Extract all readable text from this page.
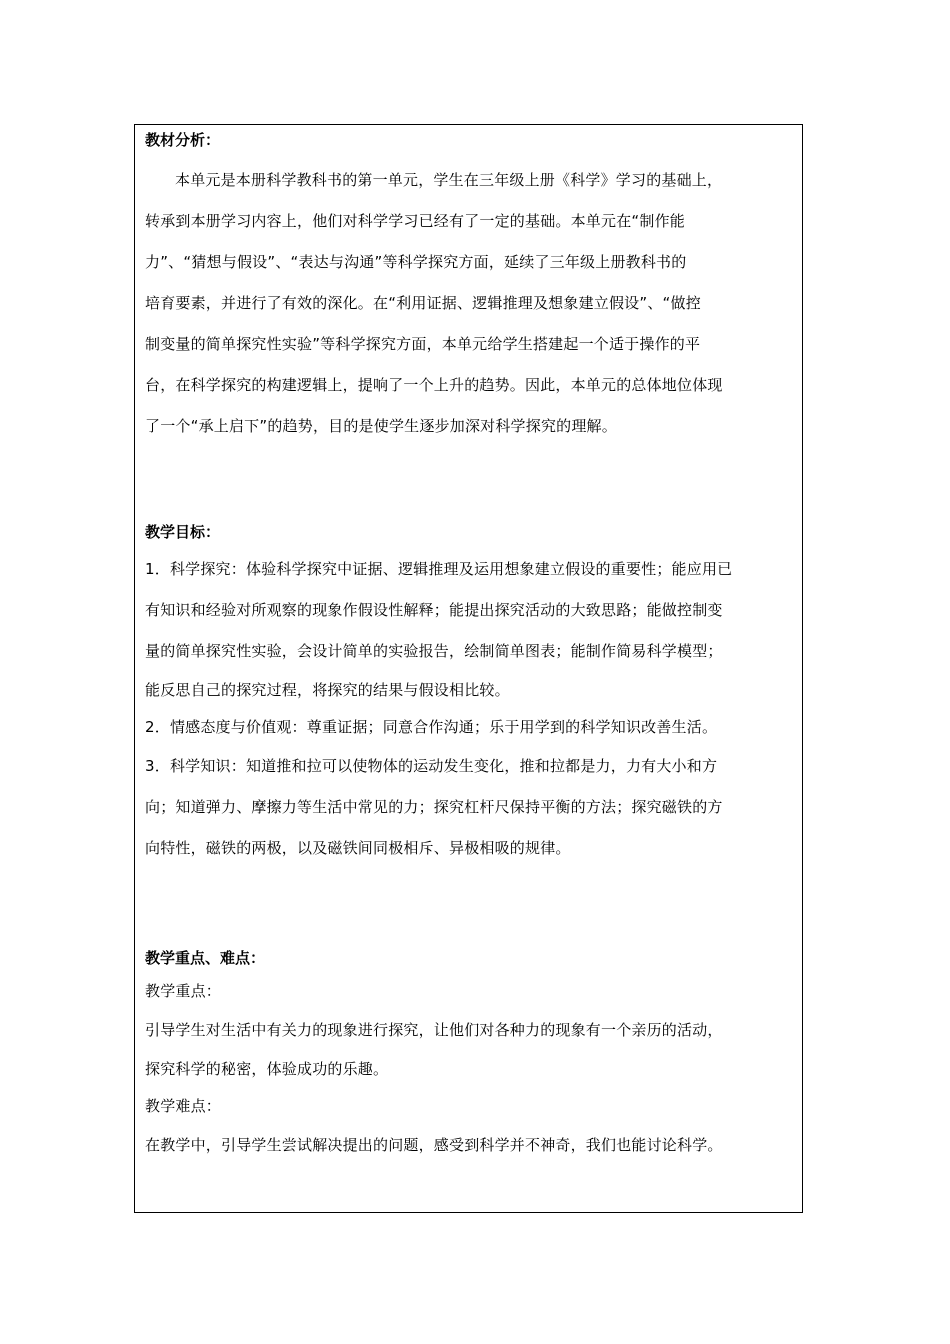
教材分析：
本单元是本册科学教科书的第一单元，学生在三年级上册《科学》学习的基础上，
转承到本册学习内容上，他们对科学学习已经有了一定的基础。本单元在“制作能
力”、“猜想与假设”、“表达与沟通”等科学探究方面，延续了三年级上册教科书的
培育要素，并进行了有效的深化。在“利用证据、逻辑推理及想象建立假设”、“做控
制变量的简单探究性实验”等科学探究方面，本单元给学生搭建起一个适于操作的平
台，在科学探究的构建逻辑上，提响了一个上升的趋势。因此，本单元的总体地位体现
了一个“承上启下”的趋势，目的是使学生逐步加深对科学探究的理解。
教学目标：
1．科学探究：体验科学探究中证据、逻辑推理及运用想象建立假设的重要性；能应用已
有知识和经验对所观察的现象作假设性解释；能提出探究活动的大致思路；能做控制变
量的简单探究性实验，会设计简单的实验报告，绘制简单图表；能制作简易科学模型；
能反思自己的探究过程，将探究的结果与假设相比较。
2．情感态度与价值观：尊重证据；同意合作沟通；乐于用学到的科学知识改善生活。
3．科学知识：知道推和拉可以使物体的运动发生变化，推和拉都是力，力有大小和方
向；知道弹力、摩擦力等生活中常见的力；探究杠杆尺保持平衡的方法；探究磁铁的方
向特性，磁铁的两极，以及磁铁间同极相斥、异极相吸的规律。
教学重点、难点：
教学重点：
引导学生对生活中有关力的现象进行探究，让他们对各种力的现象有一个亲历的活动，
探究科学的秘密，体验成功的乐趣。
教学难点：
在教学中，引导学生尝试解决提出的问题，感受到科学并不神奇，我们也能讨论科学。
